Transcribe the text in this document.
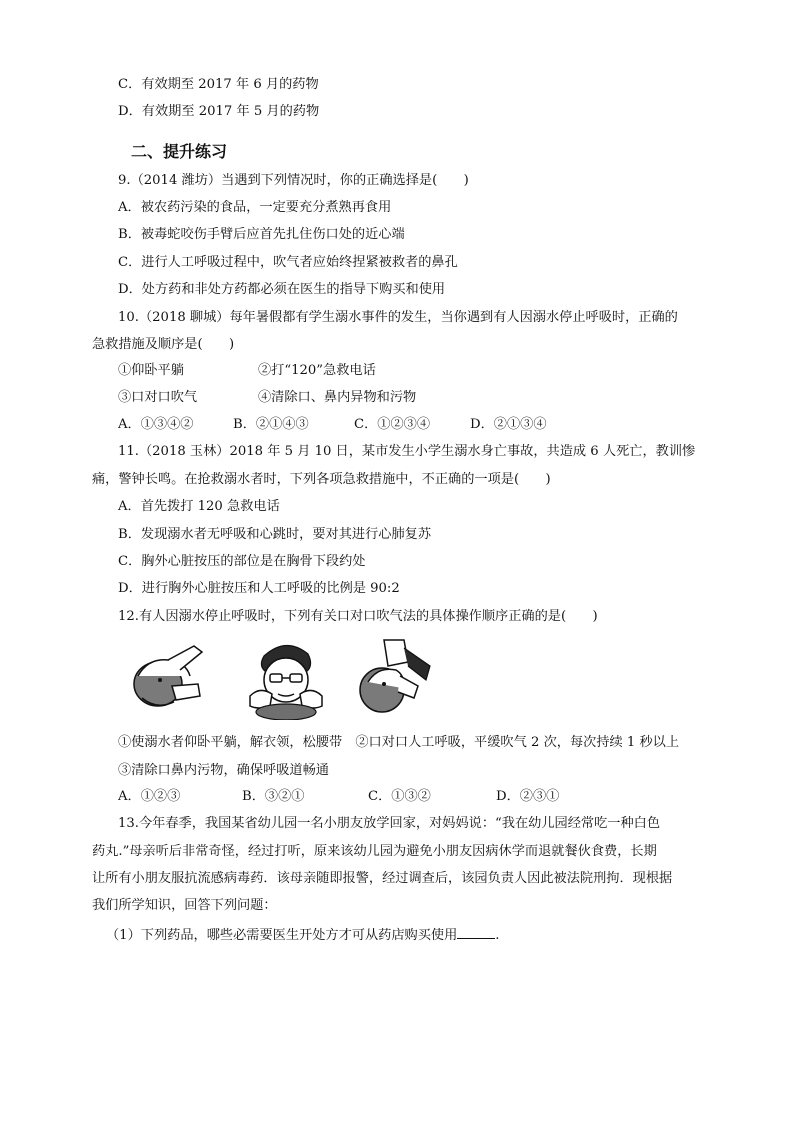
C．有效期至 2017 年 6 月的药物
D．有效期至 2017 年 5 月的药物
二、提升练习
9.（2014 潍坊）当遇到下列情况时，你的正确选择是(　　)
A．被农药污染的食品，一定要充分煮熟再食用
B．被毒蛇咬伤手臂后应首先扎住伤口处的近心端
C．进行人工呼吸过程中，吹气者应始终捏紧被救者的鼻孔
D．处方药和非处方药都必须在医生的指导下购买和使用
10.（2018 聊城）每年暑假都有学生溺水事件的发生，当你遇到有人因溺水停止呼吸时，正确的
急救措施及顺序是(　　)
①仰卧平躺	②打“120”急救电话
③口对口吹气	④清除口、鼻内异物和污物
A．①③④②	B．②①④③	C．①②③④	D．②①③④
11.（2018 玉林）2018 年 5 月 10 日，某市发生小学生溺水身亡事故，共造成 6 人死亡，教训惨
痛，警钟长鸣。在抢救溺水者时，下列各项急救措施中，不正确的一项是(　　)
A．首先拨打 120 急救电话
B．发现溺水者无呼吸和心跳时，要对其进行心肺复苏
C．胸外心脏按压的部位是在胸骨下段约处
D．进行胸外心脏按压和人工呼吸的比例是 90:2
12.有人因溺水停止呼吸时，下列有关口对口吹气法的具体操作顺序正确的是(　　)
①使溺水者仰卧平躺，解衣领，松腰带　②口对口人工呼吸，平缓吹气 2 次，每次持续 1 秒以上
③清除口鼻内污物，确保呼吸道畅通
A．①②③	B．③②①	C．①③②	D．②③①
13.今年春季，我国某省幼儿园一名小朋友放学回家，对妈妈说：“我在幼儿园经常吃一种白色
药丸.”母亲听后非常奇怪，经过打听，原来该幼儿园为避免小朋友因病休学而退就餐伙食费，长期
让所有小朋友服抗流感病毒药．该母亲随即报警，经过调查后，该园负责人因此被法院刑拘．现根据
我们所学知识，回答下列问题：
（1）下列药品，哪些必需要医生开处方才可从药店购买使用	.
